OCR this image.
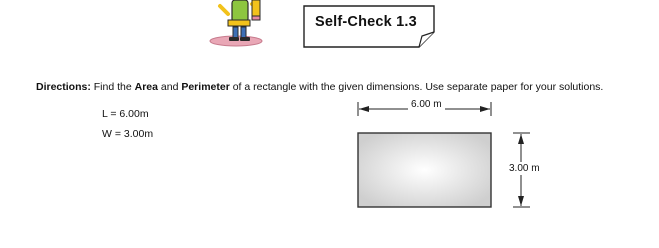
Self-Check 1.3
Directions: Find the Area and Perimeter of a rectangle with the given dimensions. Use separate paper for your solutions.
L = 6.00m
W = 3.00m
6.00 m
3.00 m
